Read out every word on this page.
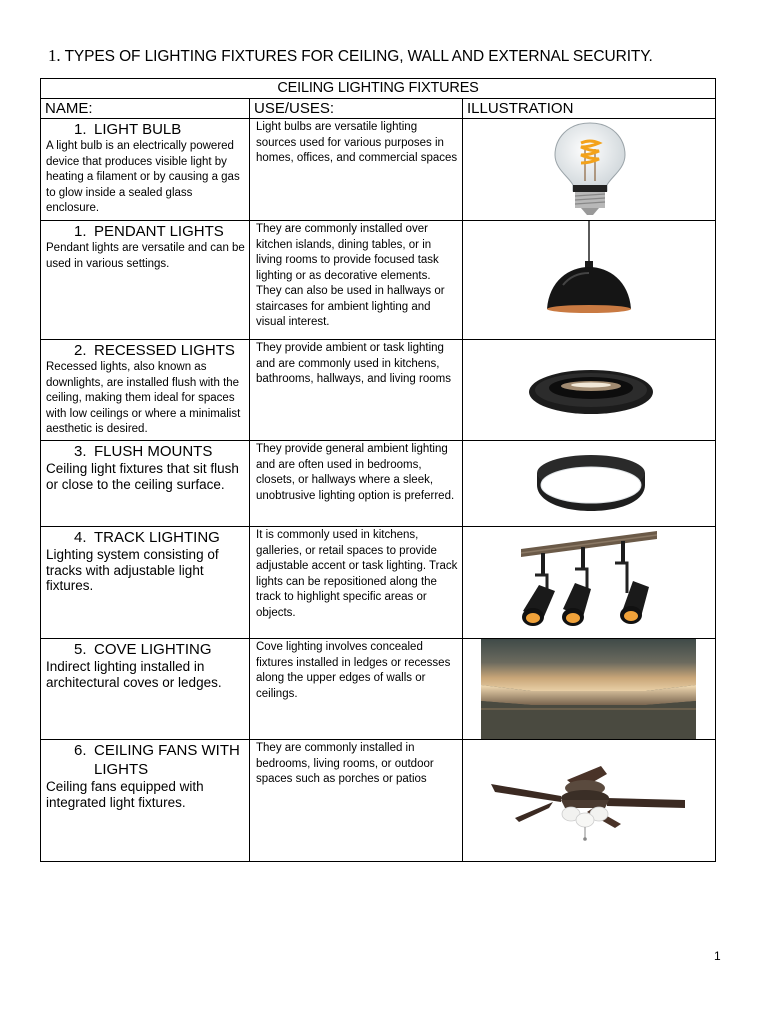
1. TYPES OF LIGHTING FIXTURES FOR CEILING, WALL AND EXTERNAL SECURITY.
CEILING LIGHTING FIXTURES		
NAME:	USE/USES:	ILLUSTRATION

1. LIGHT BULB
A light bulb is an electrically powered device that produces visible light by heating a filament or by causing a gas to glow inside a sealed glass enclosure.	Light bulbs are versatile lighting sources used for various purposes in homes, offices, and commercial spaces	

1. PENDANT LIGHTS
Pendant lights are versatile and can be used in various settings.	They are commonly installed over kitchen islands, dining tables, or in living rooms to provide focused task lighting or as decorative elements. They can also be used in hallways or staircases for ambient lighting and visual interest.	

2. RECESSED LIGHTS
Recessed lights, also known as downlights, are installed flush with the ceiling, making them ideal for spaces with low ceilings or where a minimalist aesthetic is desired.	They provide ambient or task lighting and are commonly used in kitchens, bathrooms, hallways, and living rooms	

3. FLUSH MOUNTS
Ceiling light fixtures that sit flush or close to the ceiling surface.	They provide general ambient lighting and are often used in bedrooms, closets, or hallways where a sleek, unobtrusive lighting option is preferred.	

4. TRACK LIGHTING
Lighting system consisting of tracks with adjustable light fixtures.	It is commonly used in kitchens, galleries, or retail spaces to provide adjustable accent or task lighting. Track lights can be repositioned along the track to highlight specific areas or objects.	

5. COVE LIGHTING
Indirect lighting installed in architectural coves or ledges.	Cove lighting involves concealed fixtures installed in ledges or recesses along the upper edges of walls or ceilings.	

6. CEILING FANS WITH LIGHTS
Ceiling fans equipped with integrated light fixtures.	They are commonly installed in bedrooms, living rooms, or outdoor spaces such as porches or patios	
1
